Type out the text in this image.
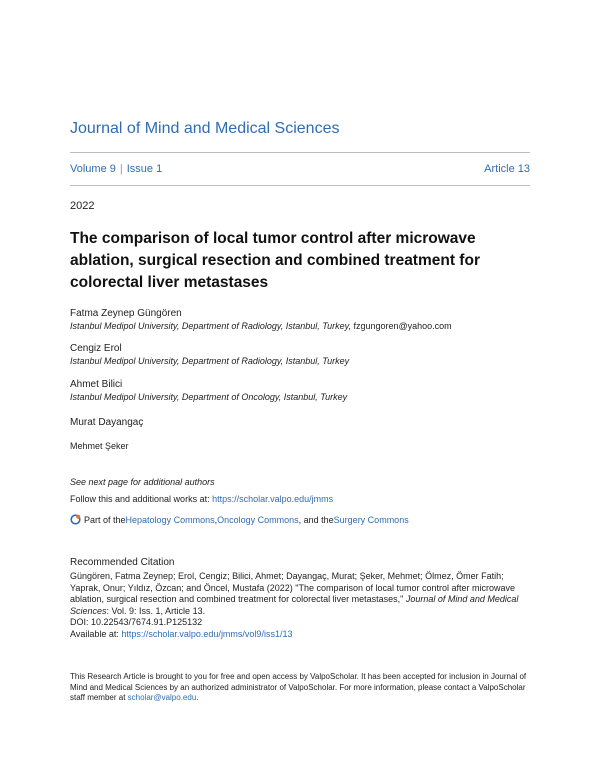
Journal of Mind and Medical Sciences
Volume 9 | Issue 1	Article 13
2022
The comparison of local tumor control after microwave ablation, surgical resection and combined treatment for colorectal liver metastases
Fatma Zeynep Güngören
Istanbul Medipol University, Department of Radiology, Istanbul, Turkey, fzgungoren@yahoo.com
Cengiz Erol
Istanbul Medipol University, Department of Radiology, Istanbul, Turkey
Ahmet Bilici
Istanbul Medipol University, Department of Oncology, Istanbul, Turkey
Murat Dayangaç
Mehmet Şeker
See next page for additional authors
Follow this and additional works at: https://scholar.valpo.edu/jmms
Part of the Hepatology Commons , Oncology Commons , and the Surgery Commons
Recommended Citation
Güngören, Fatma Zeynep; Erol, Cengiz; Bilici, Ahmet; Dayangaç, Murat; Şeker, Mehmet; Ölmez, Ömer Fatih; Yaprak, Onur; Yıldız, Özcan; and Öncel, Mustafa (2022) "The comparison of local tumor control after microwave ablation, surgical resection and combined treatment for colorectal liver metastases," Journal of Mind and Medical Sciences: Vol. 9: Iss. 1, Article 13.
DOI: 10.22543/7674.91.P125132
Available at: https://scholar.valpo.edu/jmms/vol9/iss1/13
This Research Article is brought to you for free and open access by ValpoScholar. It has been accepted for inclusion in Journal of Mind and Medical Sciences by an authorized administrator of ValpoScholar. For more information, please contact a ValpoScholar staff member at scholar@valpo.edu.
